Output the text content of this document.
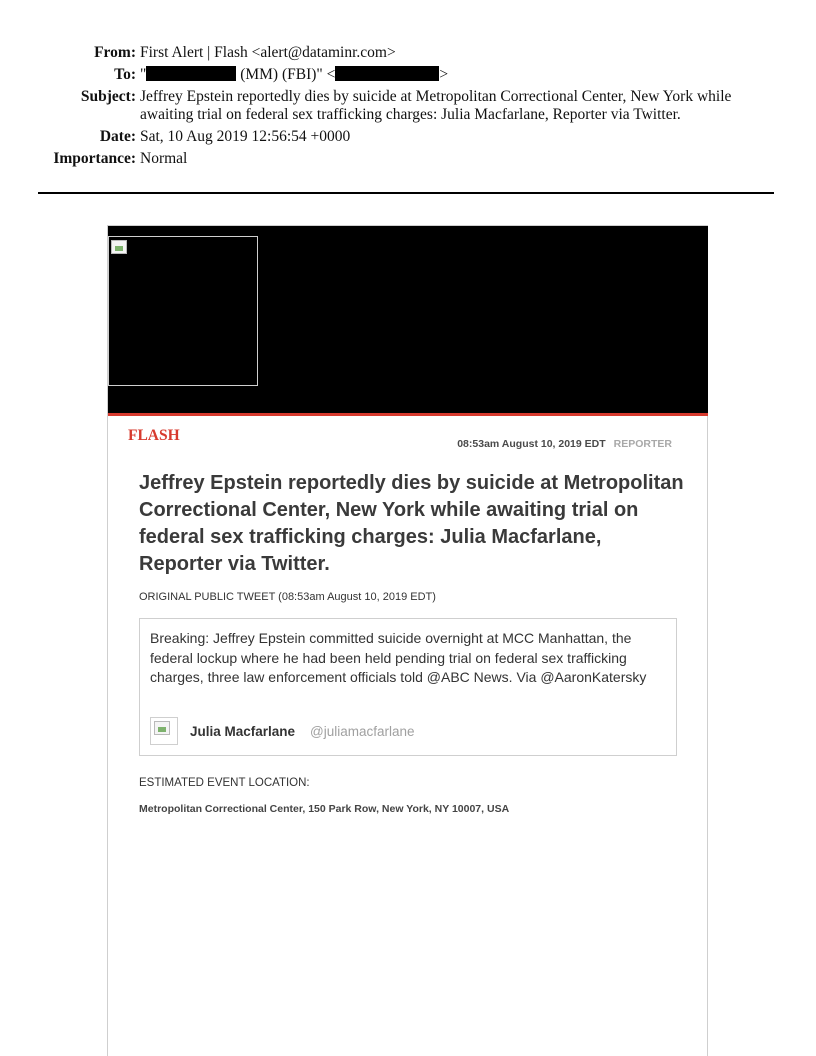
From: First Alert | Flash <alert@dataminr.com>
To: "	(MM) (FBI)" <	>
Subject: Jeffrey Epstein reportedly dies by suicide at Metropolitan Correctional Center, New York while awaiting trial on federal sex trafficking charges: Julia Macfarlane, Reporter via Twitter.
Date: Sat, 10 Aug 2019 12:56:54 +0000
Importance: Normal
FLASH	08:53am August 10, 2019 EDT REPORTER
Jeffrey Epstein reportedly dies by suicide at Metropolitan Correctional Center, New York while awaiting trial on federal sex trafficking charges: Julia Macfarlane, Reporter via Twitter.
ORIGINAL PUBLIC TWEET (08:53am August 10, 2019 EDT)
Breaking: Jeffrey Epstein committed suicide overnight at MCC Manhattan, the federal lockup where he had been held pending trial on federal sex trafficking charges, three law enforcement officials told @ABC News. Via @AaronKatersky
Julia Macfarlane @juliamacfarlane
ESTIMATED EVENT LOCATION:
Metropolitan Correctional Center, 150 Park Row, New York, NY 10007, USA
